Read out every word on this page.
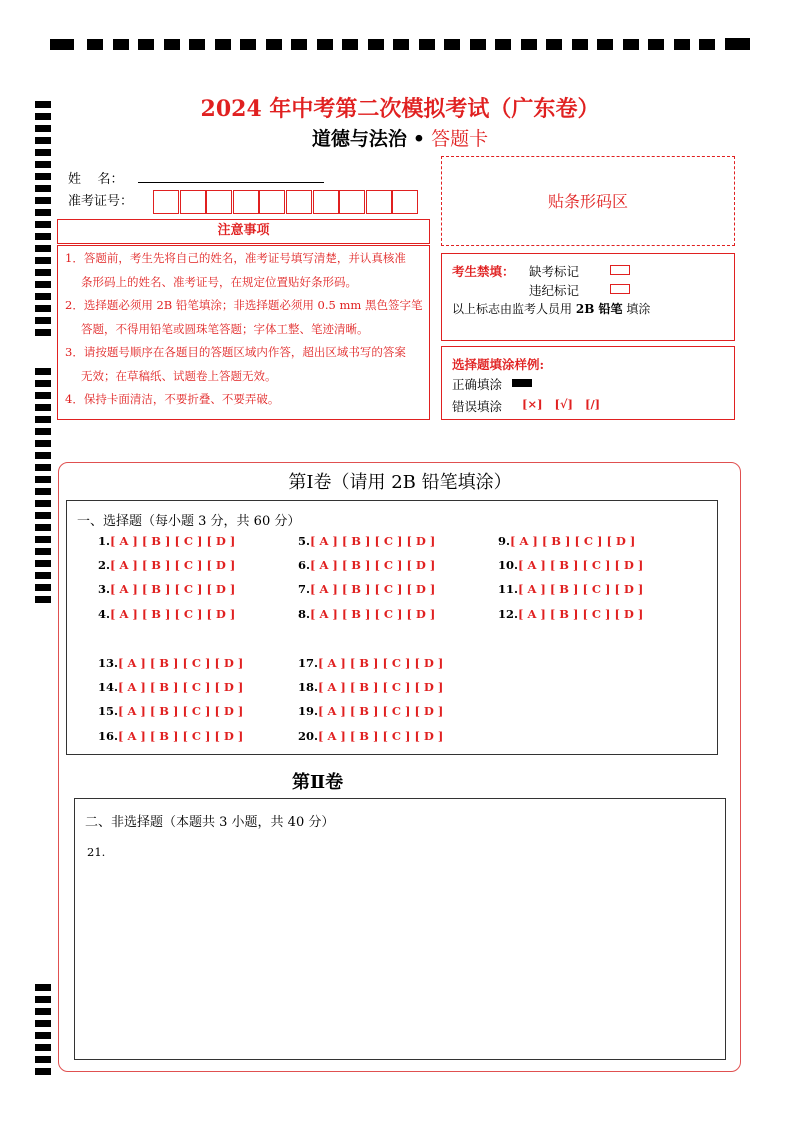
2024 年中考第二次模拟考试（广东卷）
道德与法治 • 答题卡
姓    名：
准考证号：	贴条形码区
注意事项
1．答题前，考生先将自己的姓名，准考证号填写清楚，并认真核准
条形码上的姓名、准考证号，在规定位置贴好条形码。
2．选择题必须用 2B 铅笔填涂；非选择题必须用 0.5 mm 黑色签字笔
答题，不得用铅笔或圆珠笔答题；字体工整、笔迹清晰。
3．请按题号顺序在各题目的答题区域内作答，超出区域书写的答案
无效；在草稿纸、试题卷上答题无效。
4．保持卡面清洁，不要折叠、不要弄破。
考生禁填： 缺考标记
违纪标记
以上标志由监考人员用 2B 铅笔 填涂
选择题填涂样例:
正确填涂
错误填涂 [×] [√] [/]
第Ⅰ卷（请用 2B 铅笔填涂）
一、选择题（每小题 3 分，共 60 分）
1.[ A ] [ B ] [ C ] [ D ]
2.[ A ] [ B ] [ C ] [ D ]
3.[ A ] [ B ] [ C ] [ D ]
4.[ A ] [ B ] [ C ] [ D ]
5.[ A ] [ B ] [ C ] [ D ]
6.[ A ] [ B ] [ C ] [ D ]
7.[ A ] [ B ] [ C ] [ D ]
8.[ A ] [ B ] [ C ] [ D ]
9.[ A ] [ B ] [ C ] [ D ]
10.[ A ] [ B ] [ C ] [ D ]
11.[ A ] [ B ] [ C ] [ D ]
12.[ A ] [ B ] [ C ] [ D ]
13.[ A ] [ B ] [ C ] [ D ]
14.[ A ] [ B ] [ C ] [ D ]
15.[ A ] [ B ] [ C ] [ D ]
16.[ A ] [ B ] [ C ] [ D ]
17.[ A ] [ B ] [ C ] [ D ]
18.[ A ] [ B ] [ C ] [ D ]
19.[ A ] [ B ] [ C ] [ D ]
20.[ A ] [ B ] [ C ] [ D ]
第Ⅱ卷
二、非选择题（本题共 3 小题，共 40 分）
21.
